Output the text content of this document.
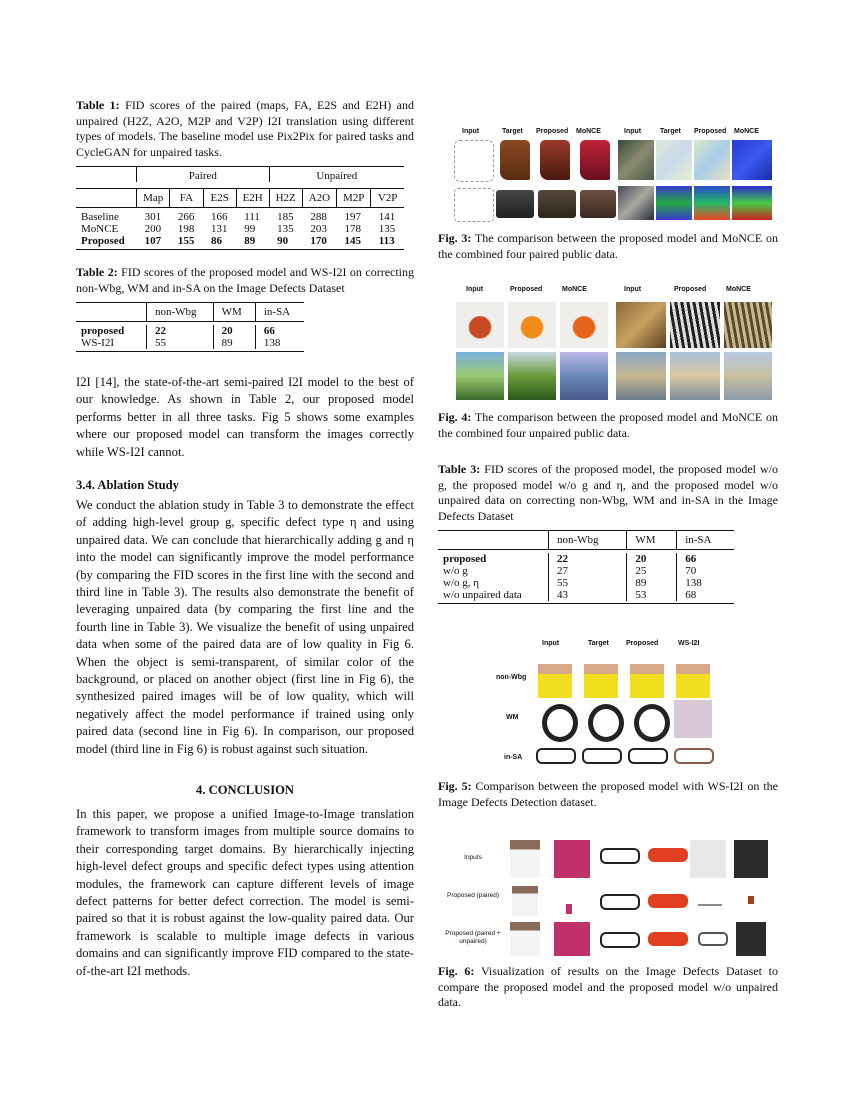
Table 1: FID scores of the paired (maps, FA, E2S and E2H) and unpaired (H2Z, A2O, M2P and V2P) I2I translation using different types of models. The baseline model use Pix2Pix for paired tasks and CycleGAN for unpaired tasks.

	Paired				Unpaired			

	Map	FA	E2S	E2H	H2Z	A2O	M2P	V2P

Baseline	301	266	166	111	185	288	197	141
MoNCE	200	198	131	99	135	203	178	135
Proposed	107	155	86	89	90	170	145	113

Table 2: FID scores of the proposed model and WS-I2I on correcting non-Wbg, WM and in-SA on the Image Defects Dataset

	non-Wbg	WM	in-SA

proposed	22	20	66
WS-I2I	55	89	138

I2I [14], the state-of-the-art semi-paired I2I model to the best of our knowledge. As shown in Table 2, our proposed model performs better in all three tasks. Fig 5 shows some examples where our proposed model can transform the images correctly while WS-I2I cannot.

3.4. Ablation Study

We conduct the ablation study in Table 3 to demonstrate the effect of adding high-level group g, specific defect type η and using unpaired data. We can conclude that hierarchically adding g and η into the model can significantly improve the model performance (by comparing the FID scores in the first line with the second and third line in Table 3). The results also demonstrate the benefit of leveraging unpaired data (by comparing the first line and the fourth line in Table 3). We visualize the benefit of using unpaired data when some of the paired data are of low quality in Fig 6. When the object is semi-transparent, of similar color of the background, or placed on another object (first line in Fig 6), the synthesized paired images will be of low quality, which will negatively affect the model performance if trained using only paired data (second line in Fig 6). In comparison, our proposed model (third line in Fig 6) is robust against such situation.

4. CONCLUSION

In this paper, we propose a unified Image-to-Image translation framework to transform images from multiple source domains to their corresponding target domains. By hierarchically injecting high-level defect groups and specific defect types using attention modules, the framework can capture different levels of image defect patterns for better defect correction. The model is semi-paired so that it is robust against the low-quality paired data. Our framework is scalable to multiple image defects in various domains and can significantly improve FID compared to the state-of-the-art I2I methods.

Input	Target Proposed MoNCE	Input	Target Proposed MoNCE

Fig. 3: The comparison between the proposed model and MoNCE on the combined four paired public data.

Input	Proposed	MoNCE	Input	Proposed	MoNCE

Fig. 4: The comparison between the proposed model and MoNCE on the combined four unpaired public data.

Table 3: FID scores of the proposed model, the proposed model w/o g, the proposed model w/o g and η, and the proposed model w/o unpaired data on correcting non-Wbg, WM and in-SA in the Image Defects Dataset

	non-Wbg	WM	in-SA

proposed	22	20	66
w/o g	27	25	70
w/o g, η	55	89	138
w/o unpaired data	43	53	68

Input	Target Proposed	WS-I2I
non-Wbg
WM
in-SA

Fig. 5: Comparison between the proposed model with WS-I2I on the Image Defects Detection dataset.

Inputs
Proposed (paired)
Proposed (paired + unpaired)

Fig. 6: Visualization of results on the Image Defects Dataset to compare the proposed model and the proposed model w/o unpaired data.
